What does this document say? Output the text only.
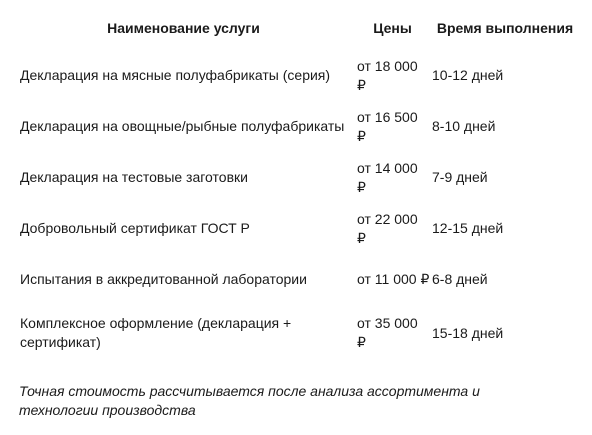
Наименование услуги	Цены	Время выполнения
Декларация на мясные полуфабрикаты (серия)	от 18 000 ₽	10-12 дней
Декларация на овощные/рыбные полуфабрикаты	от 16 500 ₽	8-10 дней
Декларация на тестовые заготовки	от 14 000 ₽	7-9 дней
Добровольный сертификат ГОСТ Р	от 22 000 ₽	12-15 дней
Испытания в аккредитованной лаборатории	от 11 000 ₽	6-8 дней
Комплексное оформление (декларация + сертификат)	от 35 000 ₽	15-18 дней
Точная стоимость рассчитывается после анализа ассортимента и технологии производства
